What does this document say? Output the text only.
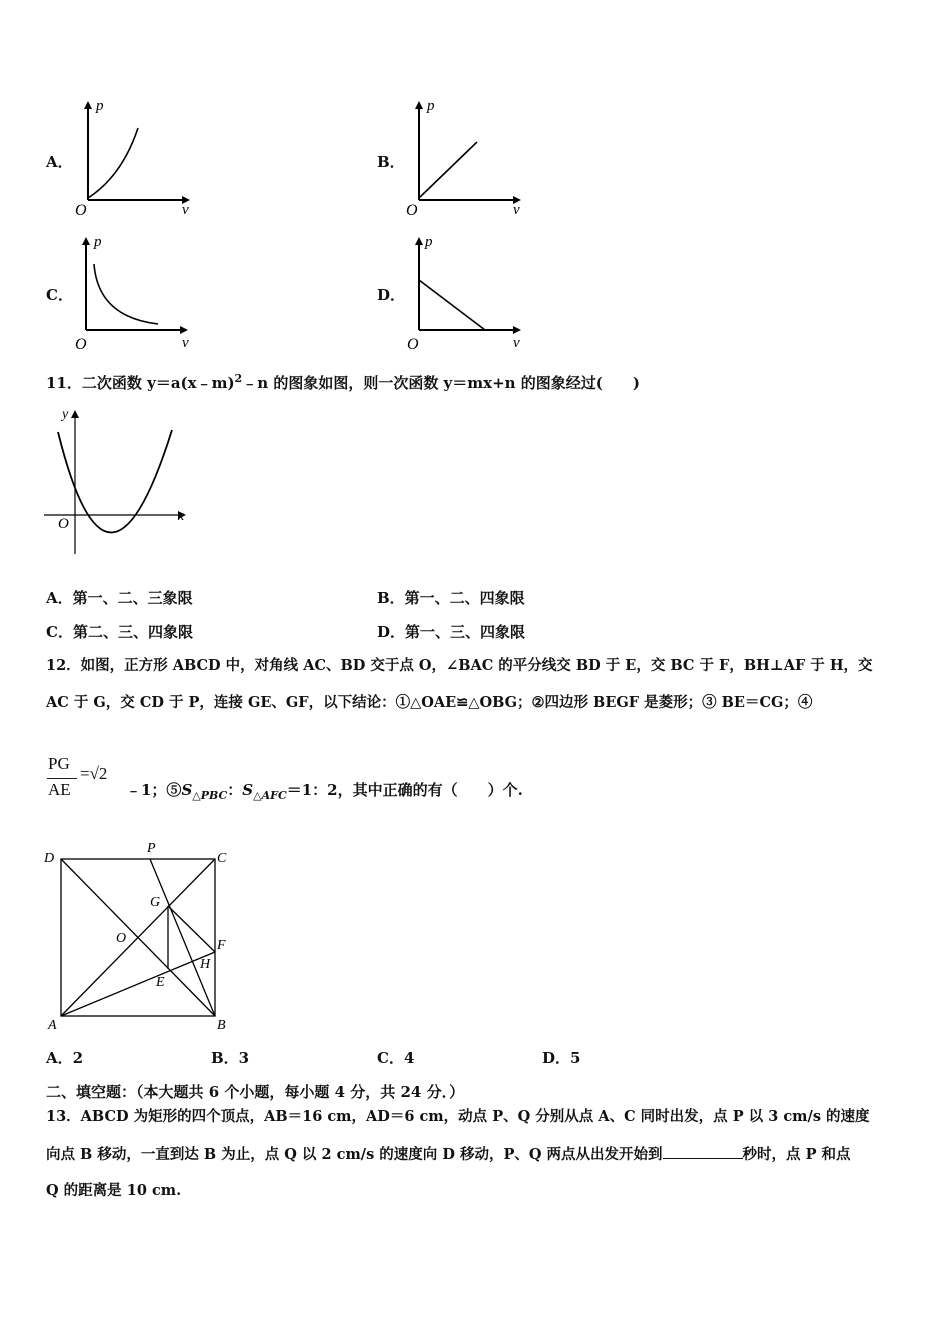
A．
p
v
O
B．
p
v
O
C．
p
v
O
D．
p
v
O
11．二次函数 y＝a(x﹣m)$^2$﹣n 的图象如图，则一次函数 y＝mx+n 的图象经过(　　)
y
x
O
A．第一、二、三象限	B．第一、二、四象限
C．第二、三、四象限	D．第一、三、四象限
12．如图，正方形 ABCD 中，对角线 AC、BD 交于点 O，∠BAC 的平分线交 BD 于 E，交 BC 于 F，BH⊥AF 于 H，交
AC 于 G，交 CD 于 P，连接 GE、GF，以下结论：①△OAE≌△OBG；②四边形 BEGF 是菱形；③ BE＝CG；④
PG
AE
=√2
﹣1；$⑤S_{\triangle PBC}$：$S_{\triangle AFC}=1$：2，其中正确的有（　　）个.
D
P
C
G
O	F
H
E
A	B
A．2	B．3	C．4	D．5
二、填空题：（本大题共 6 个小题，每小题 4 分，共 24 分．）
13．ABCD 为矩形的四个顶点，AB＝16 cm，AD＝6 cm，动点 P、Q 分别从点 A、C 同时出发，点 P 以 3 cm/s 的速度
向点 B 移动，一直到达 B 为止，点 Q 以 2 cm/s 的速度向 D 移动，P、Q 两点从出发开始到	秒时，点 P 和点
Q 的距离是 10 cm.
